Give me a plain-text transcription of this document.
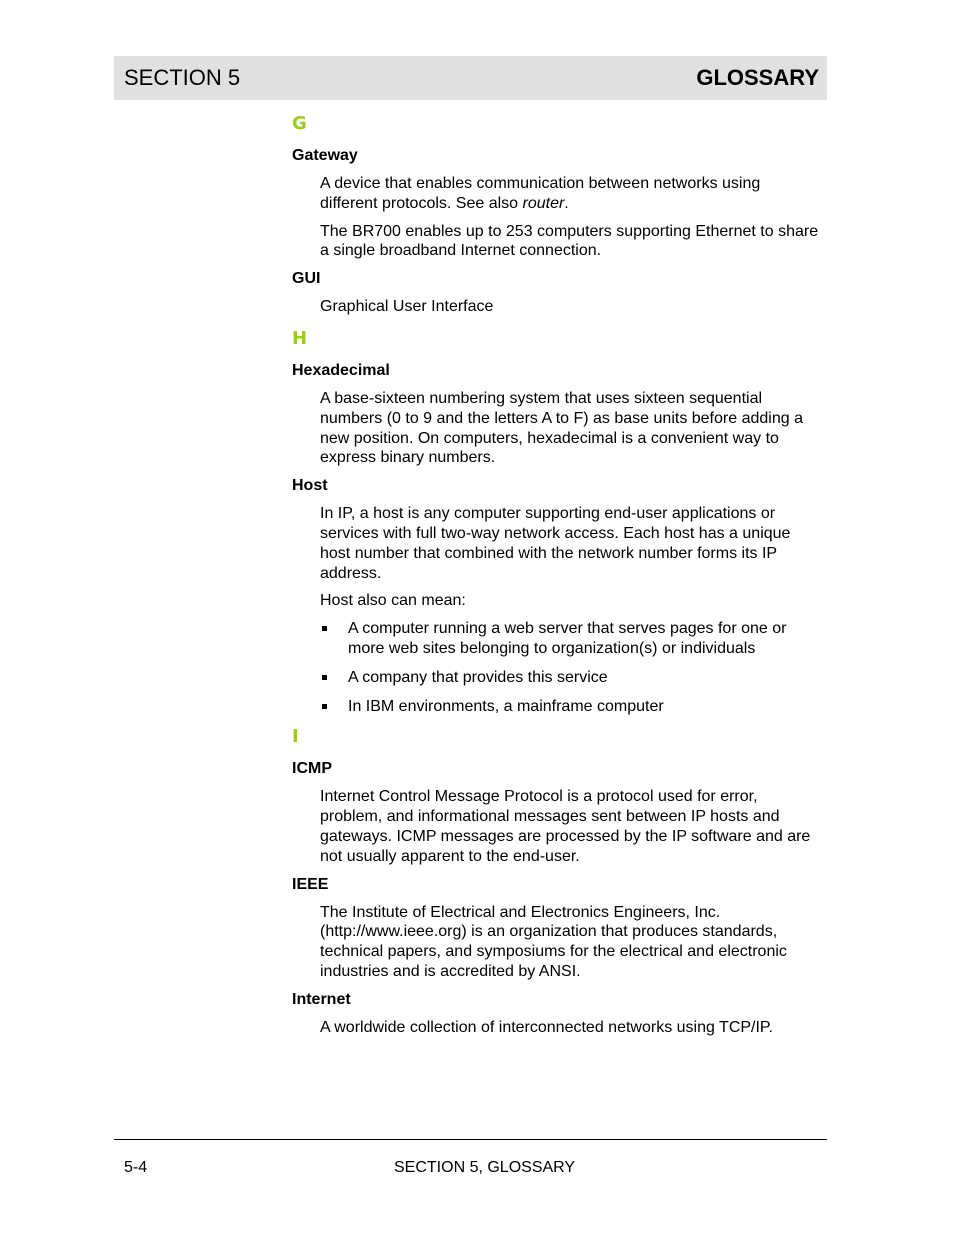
SECTION 5	GLOSSARY
G
Gateway

A device that enables communication between networks using different protocols. See also router.

The BR700 enables up to 253 computers supporting Ethernet to share a single broadband Internet connection.

GUI

Graphical User Interface

H
Hexadecimal

A base-sixteen numbering system that uses sixteen sequential numbers (0 to 9 and the letters A to F) as base units before adding a new position. On computers, hexadecimal is a convenient way to express binary numbers.

Host

In IP, a host is any computer supporting end-user applications or services with full two-way network access. Each host has a unique host number that combined with the network number forms its IP address.

Host also can mean:

A computer running a web server that serves pages for one or more web sites belonging to organization(s) or individuals
A company that provides this service
In IBM environments, a mainframe computer
I
ICMP

Internet Control Message Protocol is a protocol used for error, problem, and informational messages sent between IP hosts and gateways. ICMP messages are processed by the IP software and are not usually apparent to the end-user.

IEEE

The Institute of Electrical and Electronics Engineers, Inc. (http://www.ieee.org) is an organization that produces standards, technical papers, and symposiums for the electrical and electronic industries and is accredited by ANSI.

Internet

A worldwide collection of interconnected networks using TCP/IP.

5-4	SECTION 5, GLOSSARY
